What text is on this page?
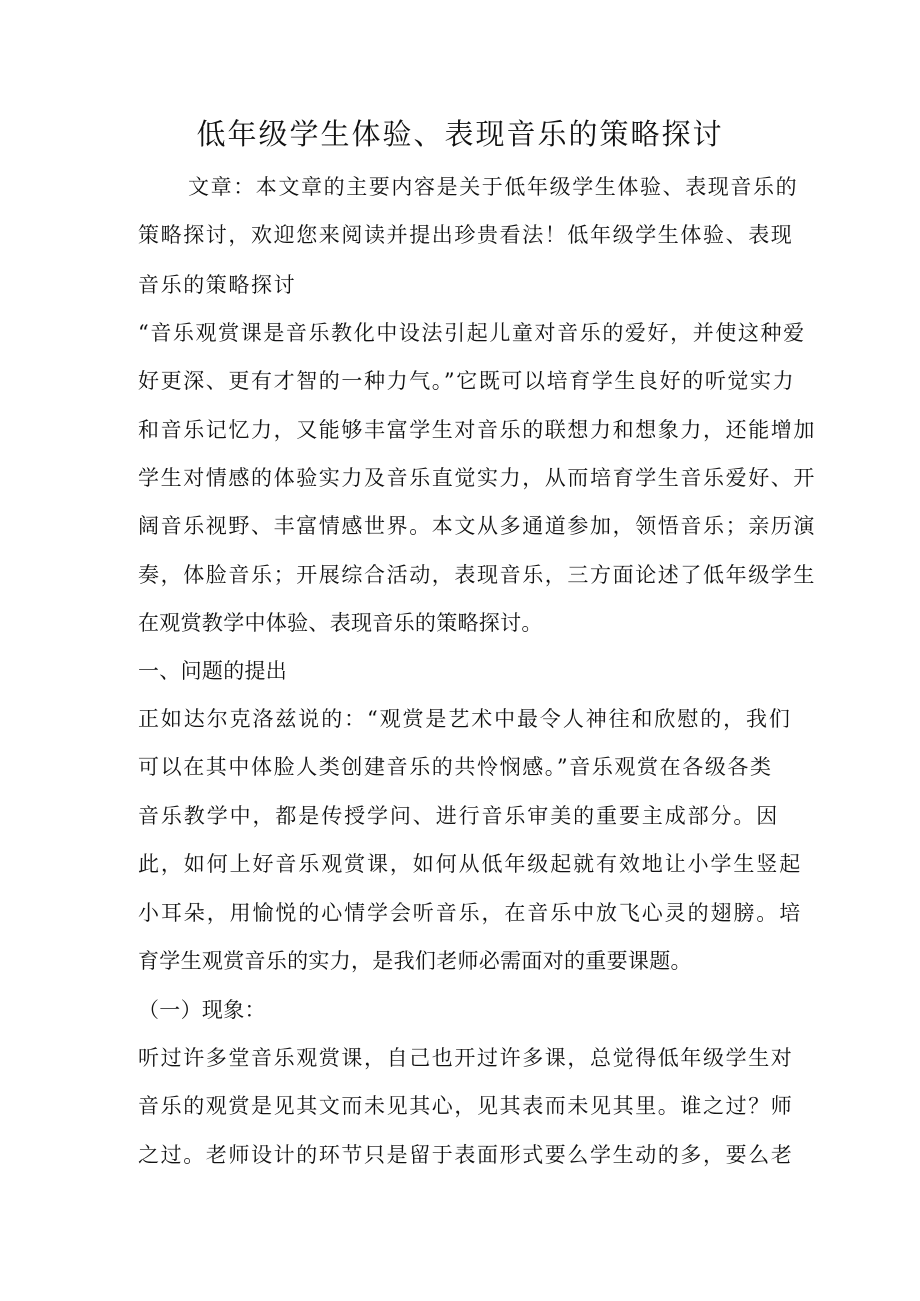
低年级学生体验、表现音乐的策略探讨

文章：本文章的主要内容是关于低年级学生体验、表现音乐的

策略探讨，欢迎您来阅读并提出珍贵看法！低年级学生体验、表现

音乐的策略探讨

“音乐观赏课是音乐教化中设法引起儿童对音乐的爱好，并使这种爱

好更深、更有才智的一种力气。”它既可以培育学生良好的听觉实力

和音乐记忆力，又能够丰富学生对音乐的联想力和想象力，还能增加

学生对情感的体验实力及音乐直觉实力，从而培育学生音乐爱好、开

阔音乐视野、丰富情感世界。本文从多通道参加，领悟音乐；亲历演

奏，体脸音乐；开展综合活动，表现音乐，三方面论述了低年级学生

在观赏教学中体验、表现音乐的策略探讨。

一、问题的提出

正如达尔克洛兹说的：“观赏是艺术中最令人神往和欣慰的，我们

可以在其中体脸人类创建音乐的共怜悯感。”音乐观赏在各级各类

音乐教学中，都是传授学问、进行音乐审美的重要主成部分。因

此，如何上好音乐观赏课，如何从低年级起就有效地让小学生竖起

小耳朵，用愉悦的心情学会听音乐，在音乐中放飞心灵的翅膀。培

育学生观赏音乐的实力，是我们老师必需面对的重要课题。

（一）现象：

听过许多堂音乐观赏课，自己也开过许多课，总觉得低年级学生对

音乐的观赏是见其文而未见其心，见其表而未见其里。谁之过？师

之过。老师设计的环节只是留于表面形式要么学生动的多，要么老
